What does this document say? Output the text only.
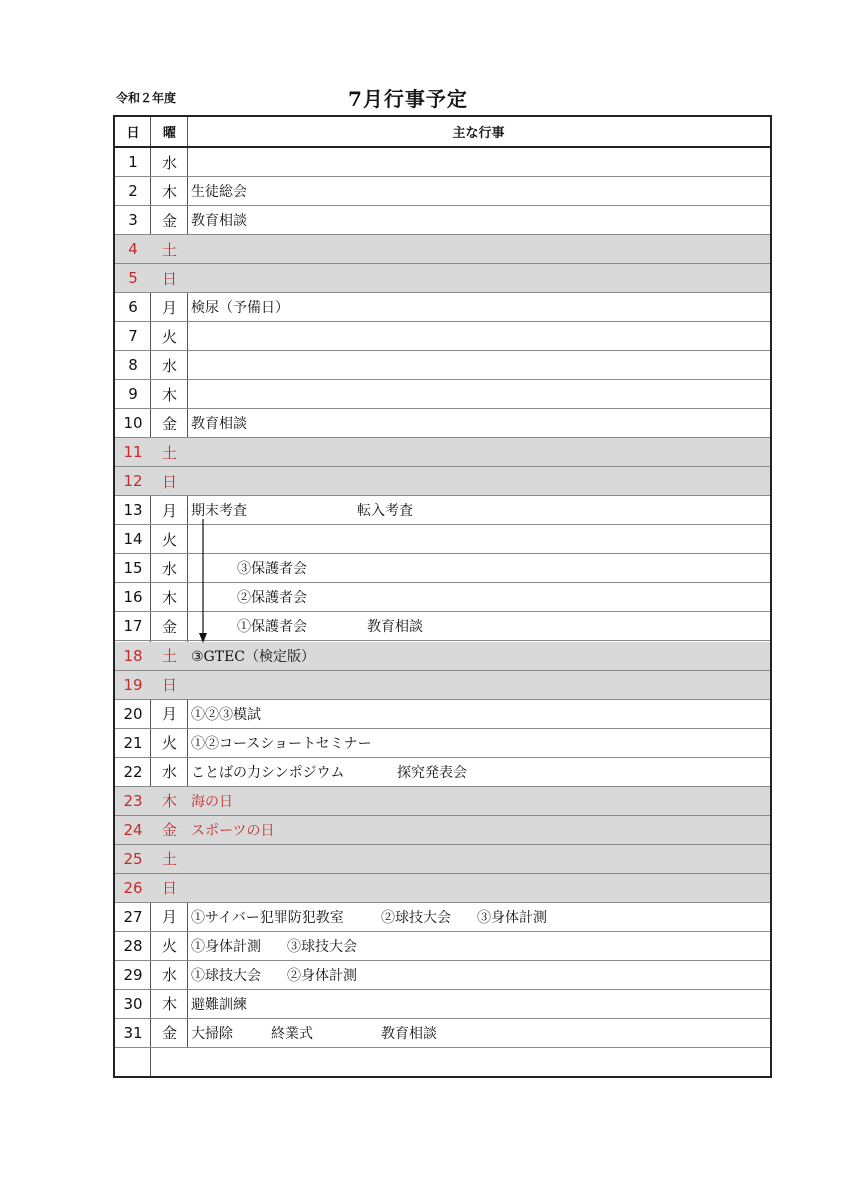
令和２年度	7月行事予定
日	曜	主な行事
1	水
2	木	生徒総会
3	金	教育相談
4	土
5	日
6	月	検尿（予備日）
7	火
8	水
9	木
10	金	教育相談
11	土
12	日
13	月	期末考査	転入考査
14	火
15	水	③保護者会
16	木	②保護者会
17	金	①保護者会	教育相談
18	土	③GTEC（検定版）
19	日
20	月	①②③模試
21	火	①②コースショートセミナー
22	水	ことばの力シンポジウム	探究発表会
23	木	海の日
24	金	スポーツの日
25	土
26	日
27	月	①サイバー犯罪防犯教室	②球技大会 ③身体計測
28	火	①身体計測 ③球技大会
29	水	①球技大会 ②身体計測
30	木	避難訓練
31	金	大掃除	終業式	教育相談
